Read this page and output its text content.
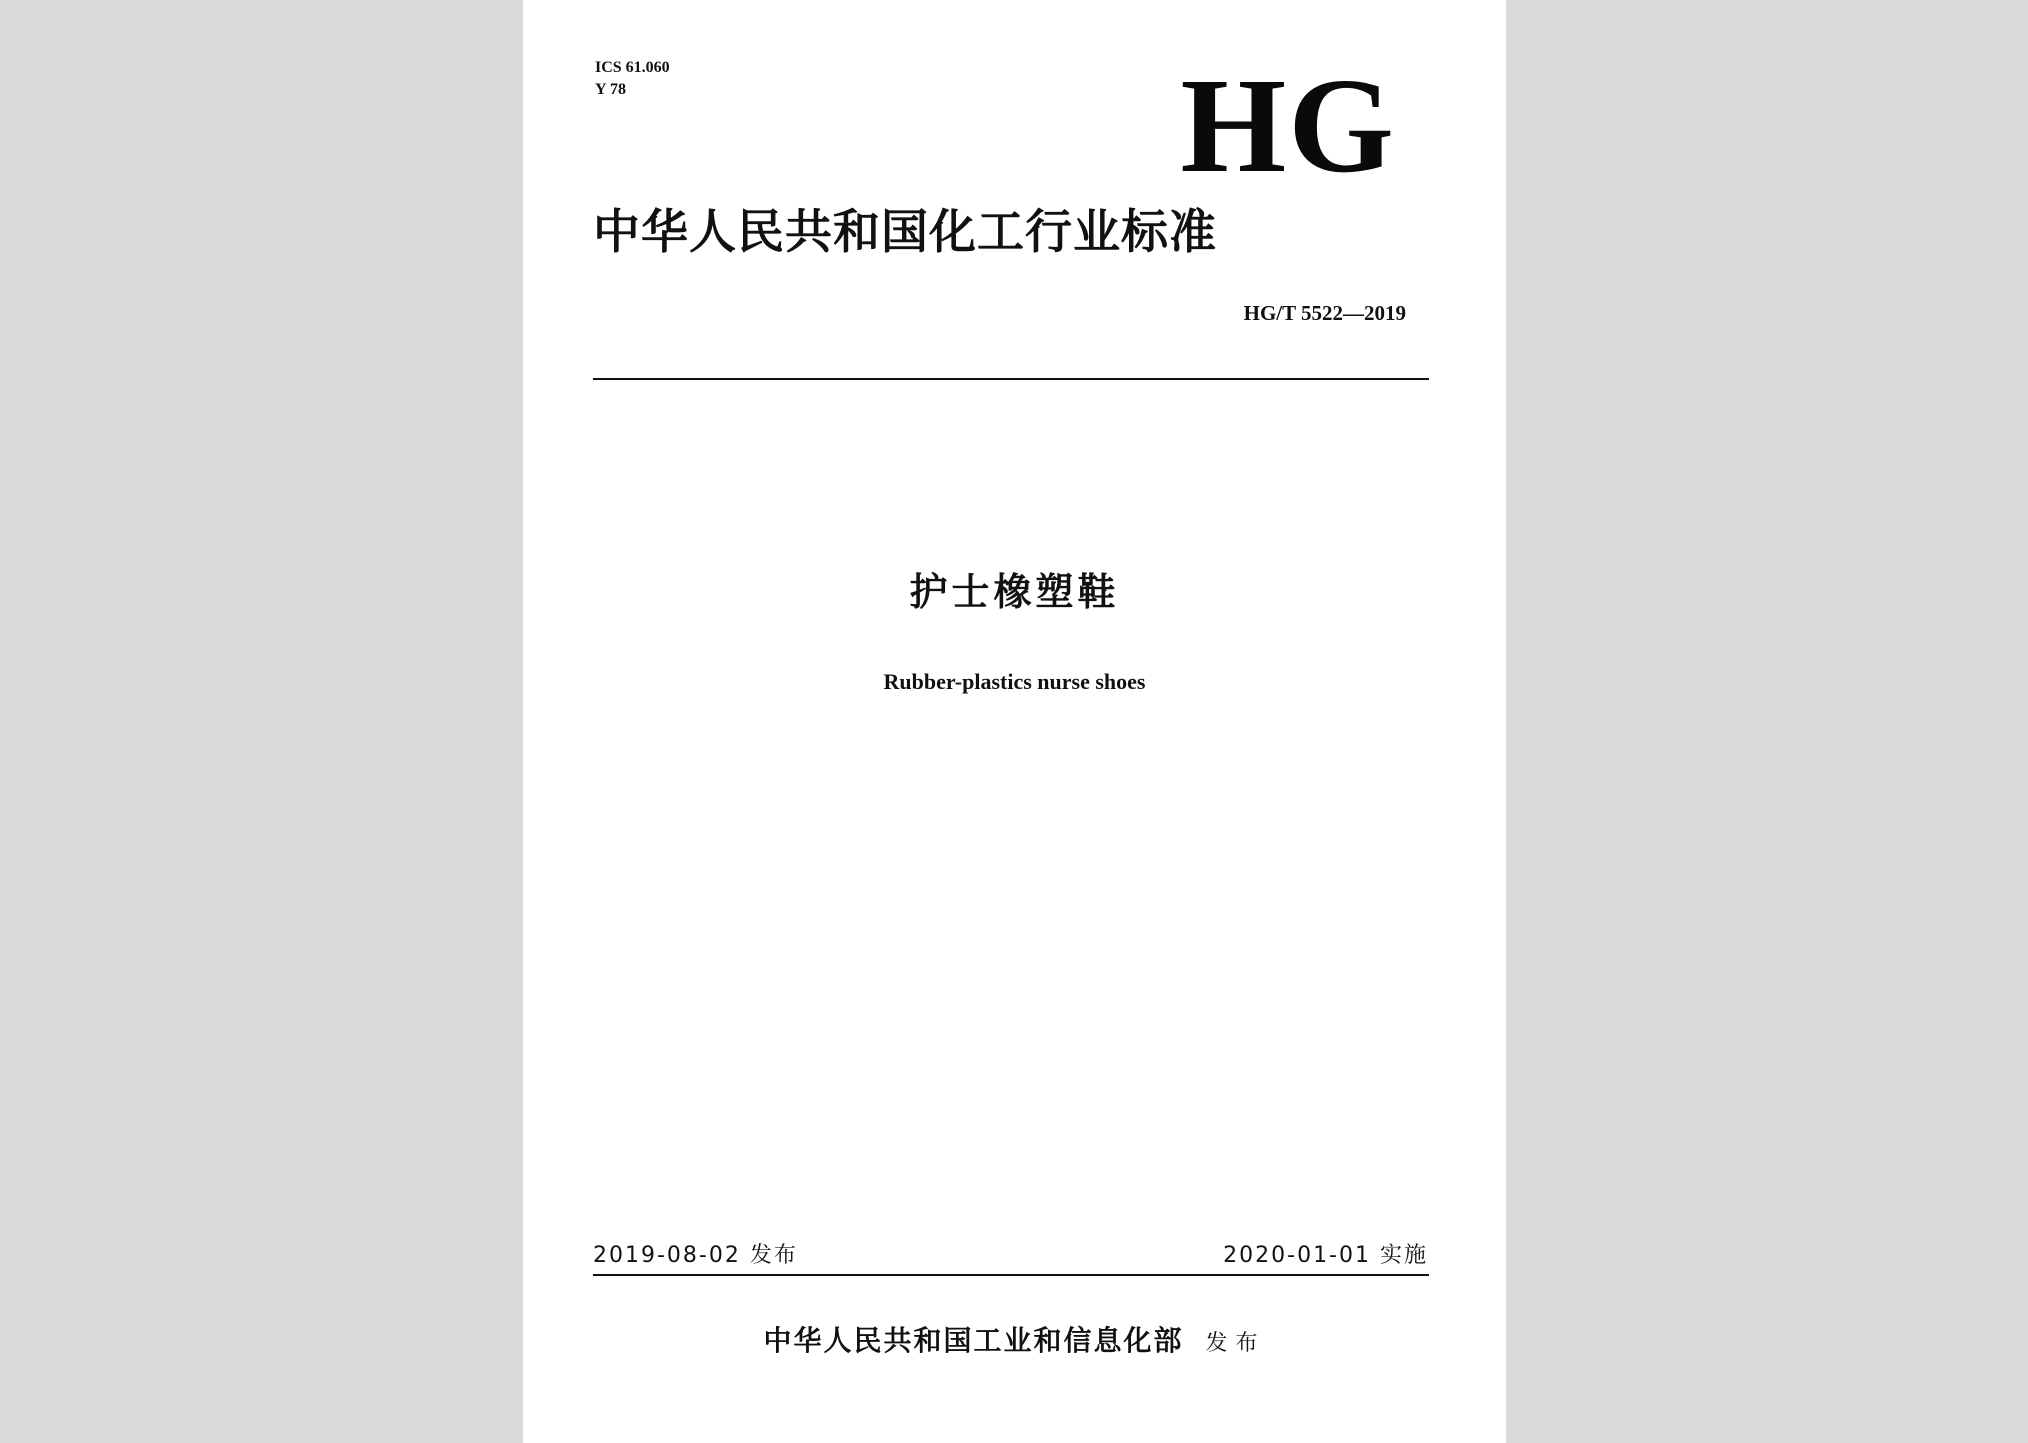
ICS 61.060
Y 78	HG
中华人民共和国化工行业标准
HG/T 5522—2019
护士橡塑鞋
Rubber-plastics nurse shoes
2019-08-02 发布	2020-01-01 实施
中华人民共和国工业和信息化部 发布
